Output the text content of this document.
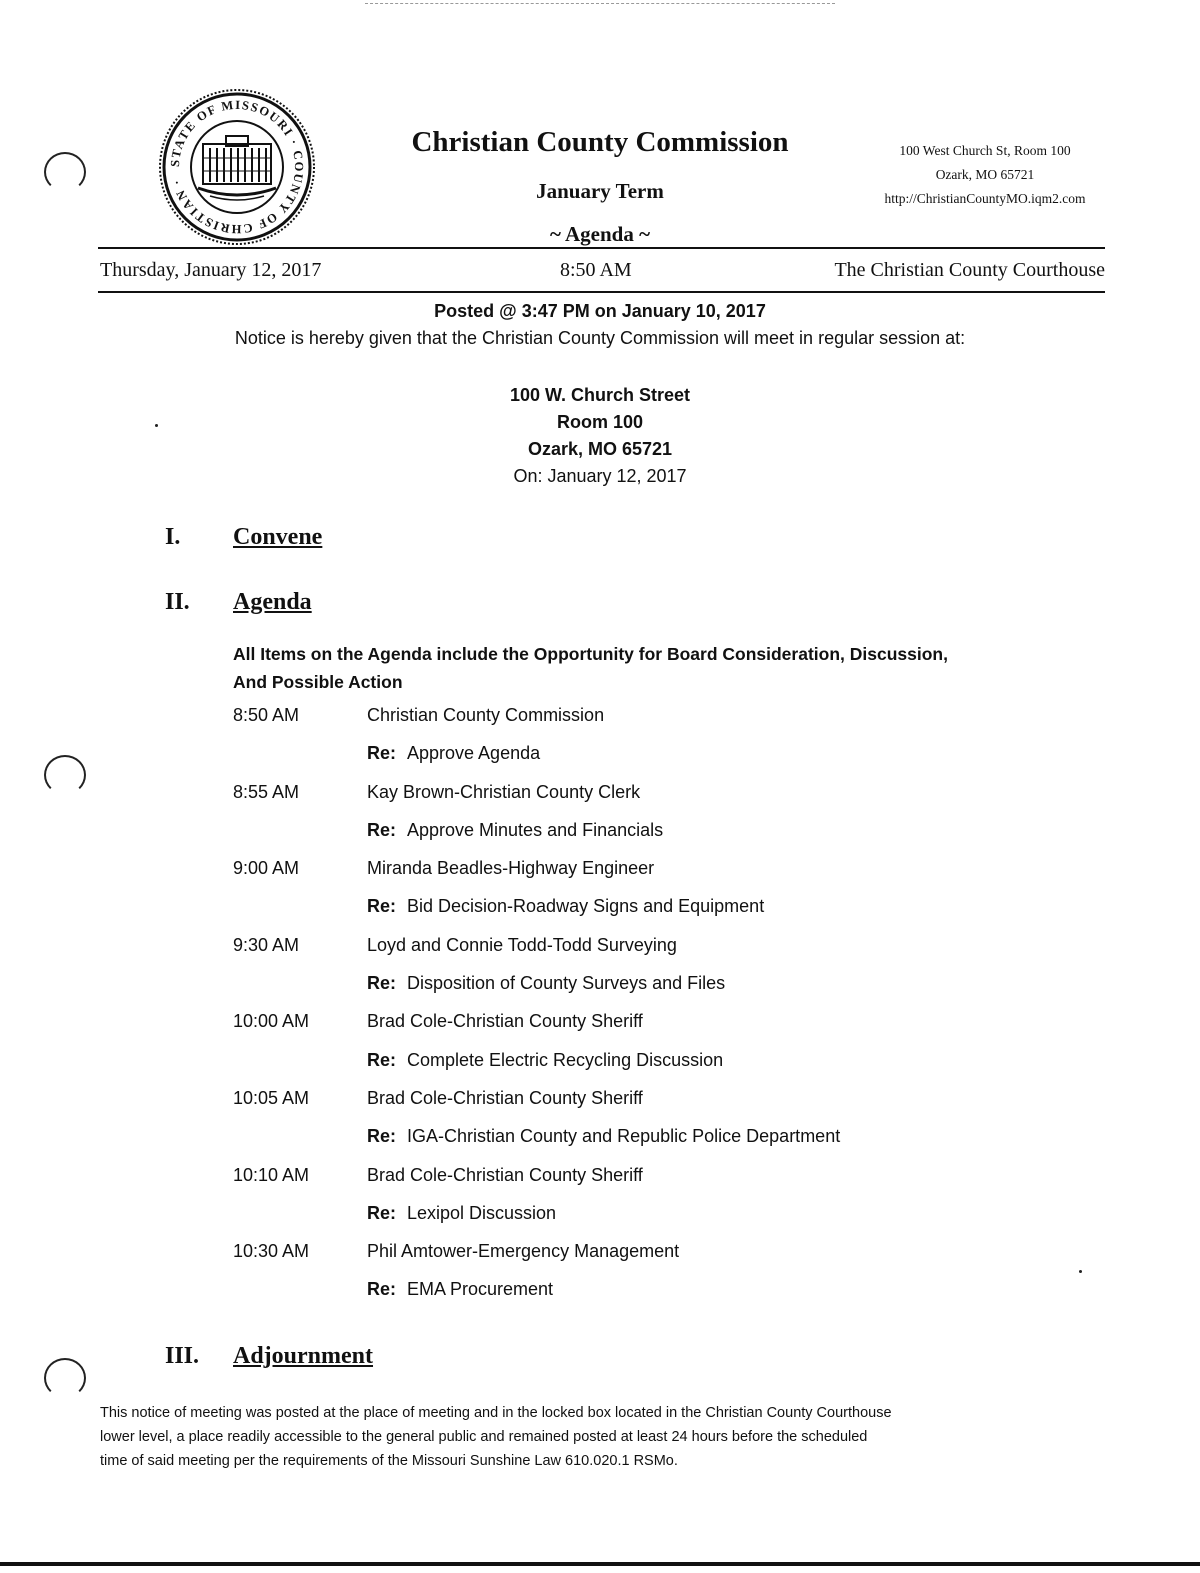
STATE OF MISSOURI · COUNTY OF CHRISTIAN ·
Christian County Commission
January Term
~ Agenda ~
100 West Church St, Room 100
Ozark, MO 65721
http://ChristianCountyMO.iqm2.com
Thursday, January 12, 2017	8:50 AM	The Christian County Courthouse
Posted @ 3:47 PM on January 10, 2017
Notice is hereby given that the Christian County Commission will meet in regular session at:
100 W. Church Street
Room 100
Ozark, MO 65721
On: January 12, 2017
I. Convene
II. Agenda
All Items on the Agenda include the Opportunity for Board Consideration, Discussion,
And Possible Action
8:50 AM	Christian County Commission
Re: Approve Agenda
8:55 AM	Kay Brown-Christian County Clerk
Re: Approve Minutes and Financials
9:00 AM	Miranda Beadles-Highway Engineer
Re: Bid Decision-Roadway Signs and Equipment
9:30 AM	Loyd and Connie Todd-Todd Surveying
Re: Disposition of County Surveys and Files
10:00 AM	Brad Cole-Christian County Sheriff
Re: Complete Electric Recycling Discussion
10:05 AM	Brad Cole-Christian County Sheriff
Re: IGA-Christian County and Republic Police Department
10:10 AM	Brad Cole-Christian County Sheriff
Re: Lexipol Discussion
10:30 AM	Phil Amtower-Emergency Management
Re: EMA Procurement
III. Adjournment
This notice of meeting was posted at the place of meeting and in the locked box located in the Christian County Courthouse
lower level, a place readily accessible to the general public and remained posted at least 24 hours before the scheduled
time of said meeting per the requirements of the Missouri Sunshine Law 610.020.1 RSMo.
